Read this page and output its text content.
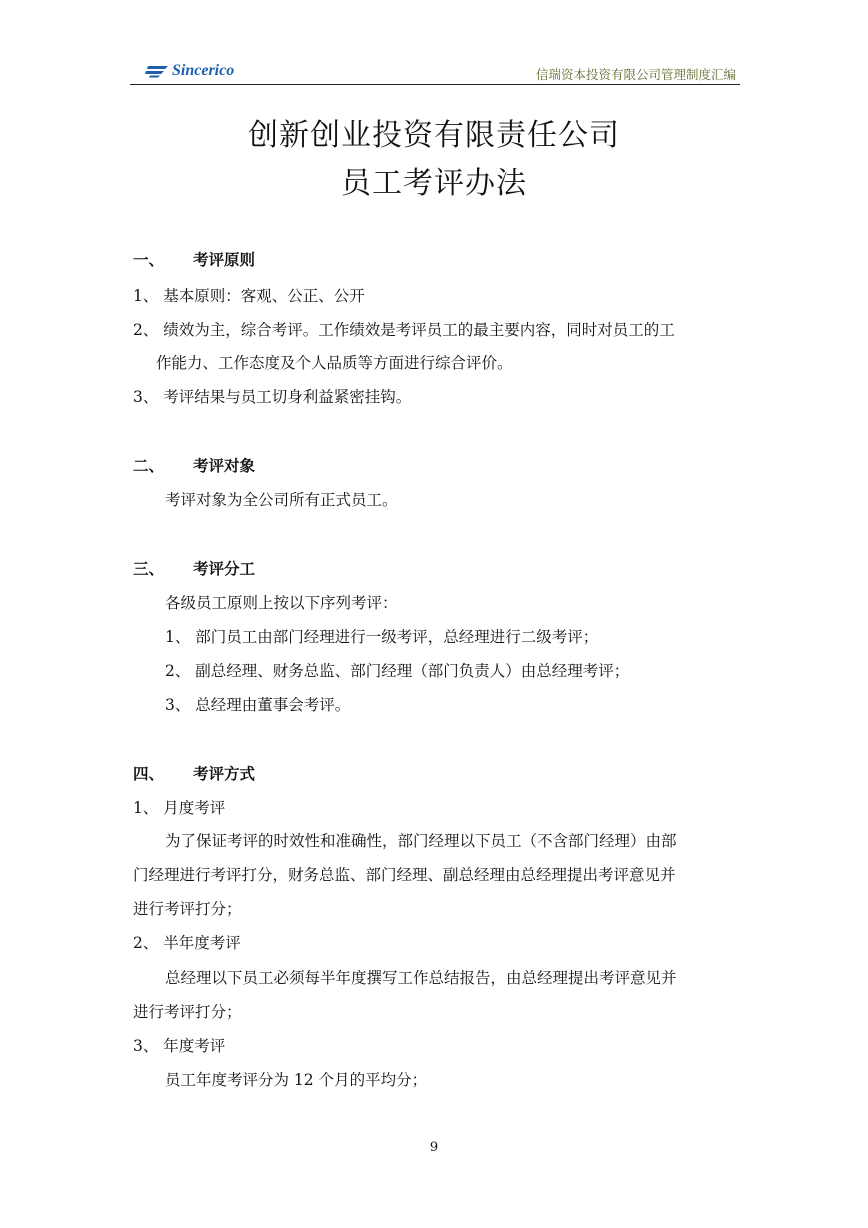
Sincerico	信瑞资本投资有限公司管理制度汇编
创新创业投资有限责任公司
员工考评办法
一、 考评原则
1、 基本原则：客观、公正、公开
2、 绩效为主，综合考评。工作绩效是考评员工的最主要内容，同时对员工的工
作能力、工作态度及个人品质等方面进行综合评价。
3、 考评结果与员工切身利益紧密挂钩。
二、 考评对象
考评对象为全公司所有正式员工。
三、 考评分工
各级员工原则上按以下序列考评：
1、 部门员工由部门经理进行一级考评，总经理进行二级考评；
2、 副总经理、财务总监、部门经理（部门负责人）由总经理考评；
3、 总经理由董事会考评。
四、 考评方式
1、 月度考评
为了保证考评的时效性和准确性，部门经理以下员工（不含部门经理）由部
门经理进行考评打分，财务总监、部门经理、副总经理由总经理提出考评意见并
进行考评打分；
2、 半年度考评
总经理以下员工必须每半年度撰写工作总结报告，由总经理提出考评意见并
进行考评打分；
3、 年度考评
员工年度考评分为 12 个月的平均分；
9
